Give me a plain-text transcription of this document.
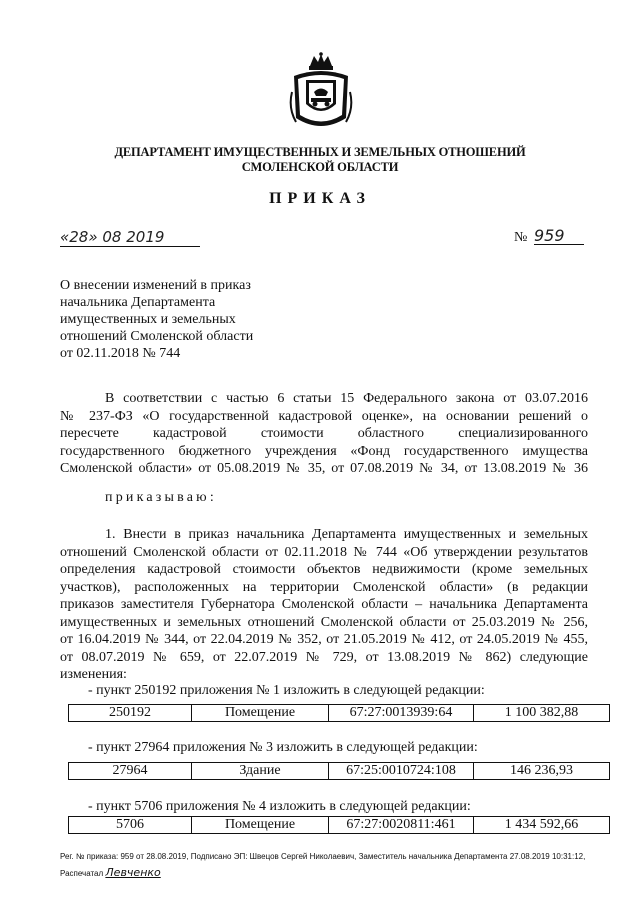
ДЕПАРТАМЕНТ ИМУЩЕСТВЕННЫХ И ЗЕМЕЛЬНЫХ ОТНОШЕНИЙ
СМОЛЕНСКОЙ ОБЛАСТИ
ПРИКАЗ
«28» 08 2019	№ 959
О внесении изменений в приказ
начальника Департамента
имущественных и земельных
отношений Смоленской области
от 02.11.2018 № 744
В соответствии с частью 6 статьи 15 Федерального закона от 03.07.2016
№ 237-ФЗ «О государственной кадастровой оценке», на основании решений о
пересчете кадастровой стоимости областного специализированного
государственного бюджетного учреждения «Фонд государственного имущества
Смоленской области» от 05.08.2019 № 35, от 07.08.2019 № 34, от 13.08.2019 № 36
приказываю:
1. Внести в приказ начальника Департамента имущественных и земельных
отношений Смоленской области от 02.11.2018 № 744 «Об утверждении результатов
определения кадастровой стоимости объектов недвижимости (кроме земельных
участков), расположенных на территории Смоленской области» (в редакции
приказов заместителя Губернатора Смоленской области – начальника Департамента
имущественных и земельных отношений Смоленской области от 25.03.2019 № 256,
от 16.04.2019 № 344, от 22.04.2019 № 352, от 21.05.2019 № 412, от 24.05.2019 № 455,
от 08.07.2019 № 659, от 22.07.2019 № 729, от 13.08.2019 № 862) следующие
изменения:
- пункт 250192 приложения № 1 изложить в следующей редакции:
250192	Помещение	67:27:0013939:64	1 100 382,88
- пункт 27964 приложения № 3 изложить в следующей редакции:
27964	Здание	67:25:0010724:108	146 236,93
- пункт 5706 приложения № 4 изложить в следующей редакции:
5706	Помещение	67:27:0020811:461	1 434 592,66
Рег. № приказа: 959 от 28.08.2019, Подписано ЭП: Швецов Сергей Николаевич, Заместитель начальника Департамента 27.08.2019 10:31:12,
Распечатал Левченко
